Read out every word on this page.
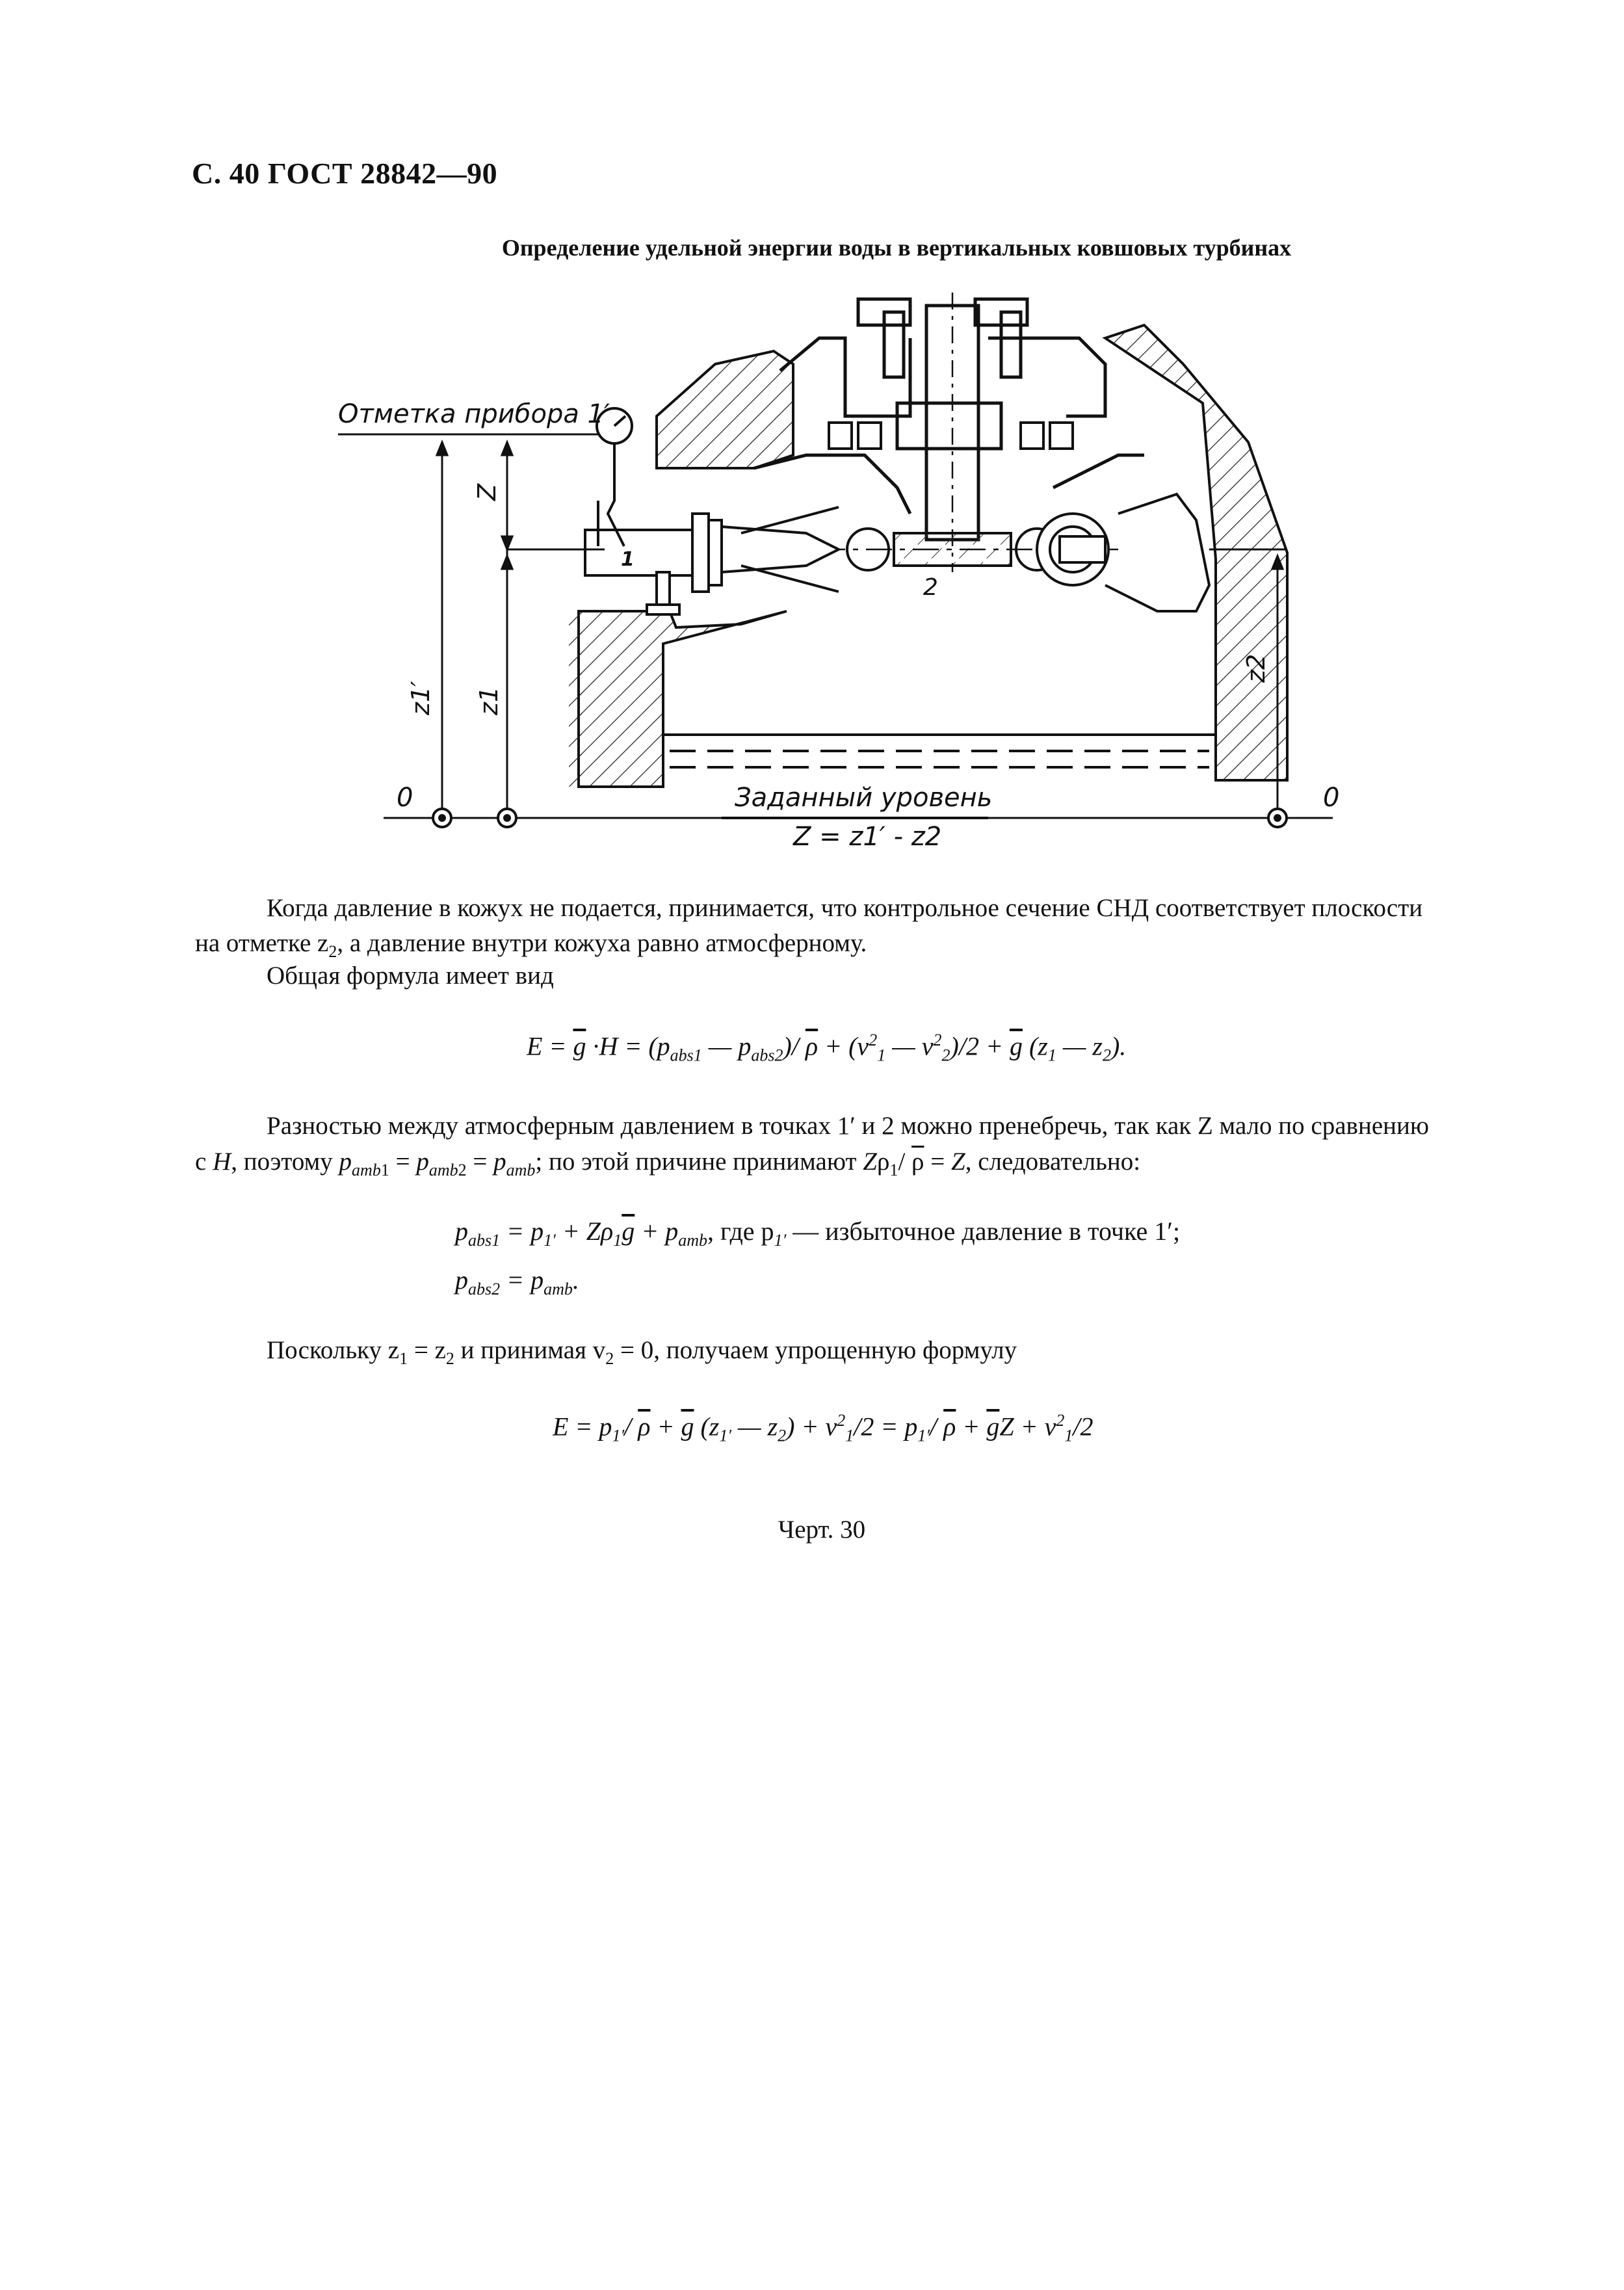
С. 40 ГОСТ 28842—90
Определение удельной энергии воды в вертикальных ковшовых турбинах
Отметка прибора 1′
Z
z1′ z1
z2
1
2
0	0
Заданный уровень
Z = z1′ - z2
Когда давление в кожух не подается, принимается, что контрольное сечение СНД соответствует плоскости
на отметке $z_2$, а давление внутри кожуха равно атмосферному.
Общая формула имеет вид
$E = \overline{g} \cdot H = (p_{abs1}$ — $p_{abs2})/$ $\overline{\rho} + (v^2_1$ — $v^2_2)/2 + \overline{g}$ ($z_1$ — $z_2$).
Разностью между атмосферным давлением в точках 1′ и 2 можно пренебречь, так как Z мало по сравнению
с H, поэтому $p_{amb1} = p_{amb2} = p_{amb}$; по этой причине принимают $Z\rho_1/$ $\overline{\rho} = Z$, следовательно:
$p_{abs1} = p_{1'} + Z\rho_1\overline{g} + p_{amb}$, где $p_{1'}$ — избыточное давление в точке 1′;
$p_{abs2} = p_{amb}$.
Поскольку $z_1 = z_2$ и принимая $v_2 = 0$, получаем упрощенную формулу
$E = p_{1'}/$ $\overline{\rho} + \overline{g}$ ($z_{1'}$ — $z_2) + v^2_1/2 = p_{1'}/$ $\overline{\rho} + \overline{g}Z + v^2_1/2$
Черт. 30
